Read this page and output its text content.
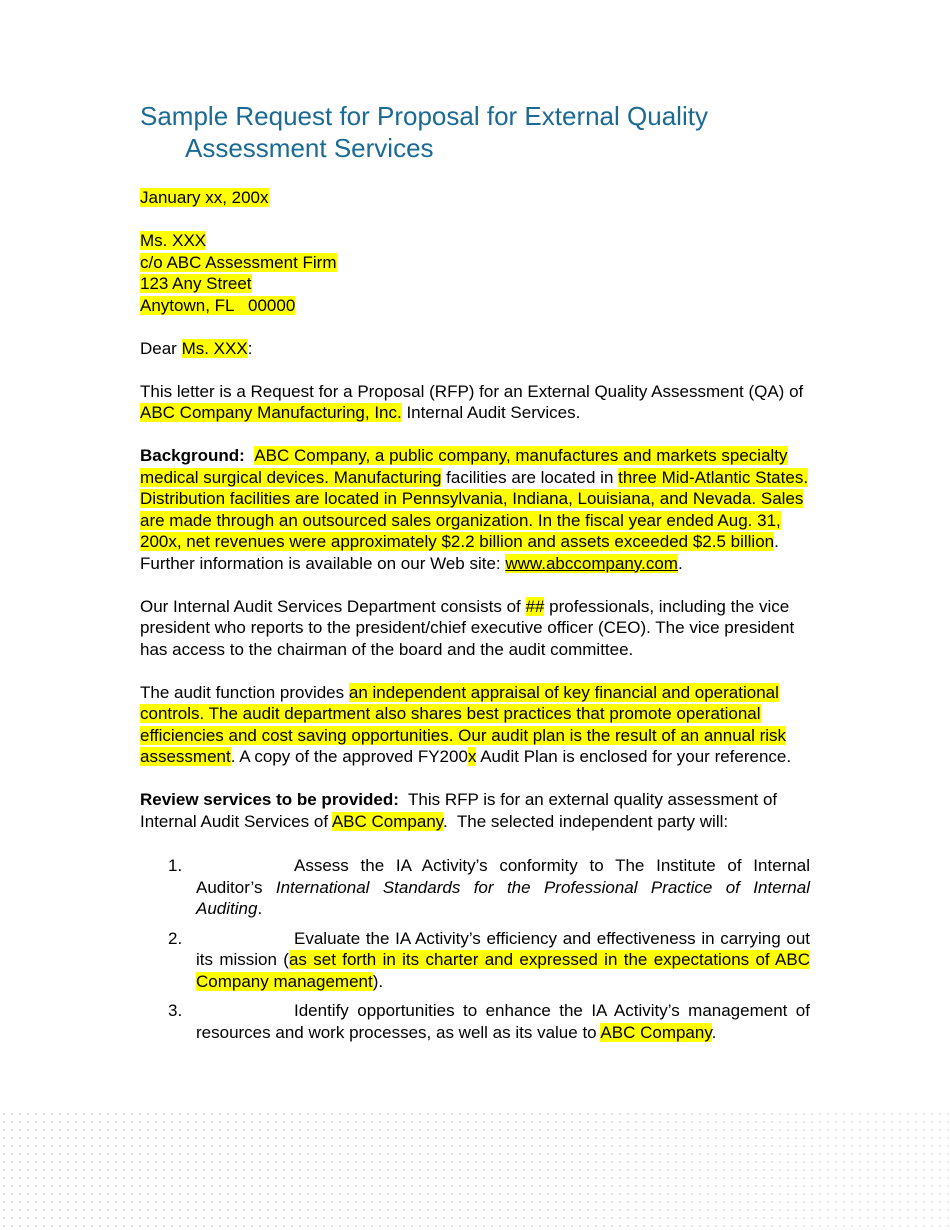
Sample Request for Proposal for External Quality
Assessment Services

January xx, 200x

Ms. XXX
c/o ABC Assessment Firm
123 Any Street
Anytown, FL   00000

Dear Ms. XXX:

This letter is a Request for a Proposal (RFP) for an External Quality Assessment (QA) of ABC Company Manufacturing, Inc. Internal Audit Services.

Background: ABC Company, a public company, manufactures and markets specialty medical surgical devices. Manufacturing facilities are located in three Mid-Atlantic States. Distribution facilities are located in Pennsylvania, Indiana, Louisiana, and Nevada. Sales are made through an outsourced sales organization. In the fiscal year ended Aug. 31, 200x, net revenues were approximately $2.2 billion and assets exceeded $2.5 billion. Further information is available on our Web site: www.abccompany.com.

Our Internal Audit Services Department consists of ## professionals, including the vice president who reports to the president/chief executive officer (CEO). The vice president has access to the chairman of the board and the audit committee.

The audit function provides an independent appraisal of key financial and operational controls. The audit department also shares best practices that promote operational efficiencies and cost saving opportunities. Our audit plan is the result of an annual risk assessment. A copy of the approved FY200x Audit Plan is enclosed for your reference.

Review services to be provided:  This RFP is for an external quality assessment of Internal Audit Services of ABC Company.  The selected independent party will:

1.	Assess the IA Activity’s conformity to The Institute of Internal Auditor’s International Standards for the Professional Practice of Internal Auditing.
2.	Evaluate the IA Activity’s efficiency and effectiveness in carrying out its mission (as set forth in its charter and expressed in the expectations of ABC Company management).
3.	Identify opportunities to enhance the IA Activity’s management of resources and work processes, as well as its value to ABC Company.
